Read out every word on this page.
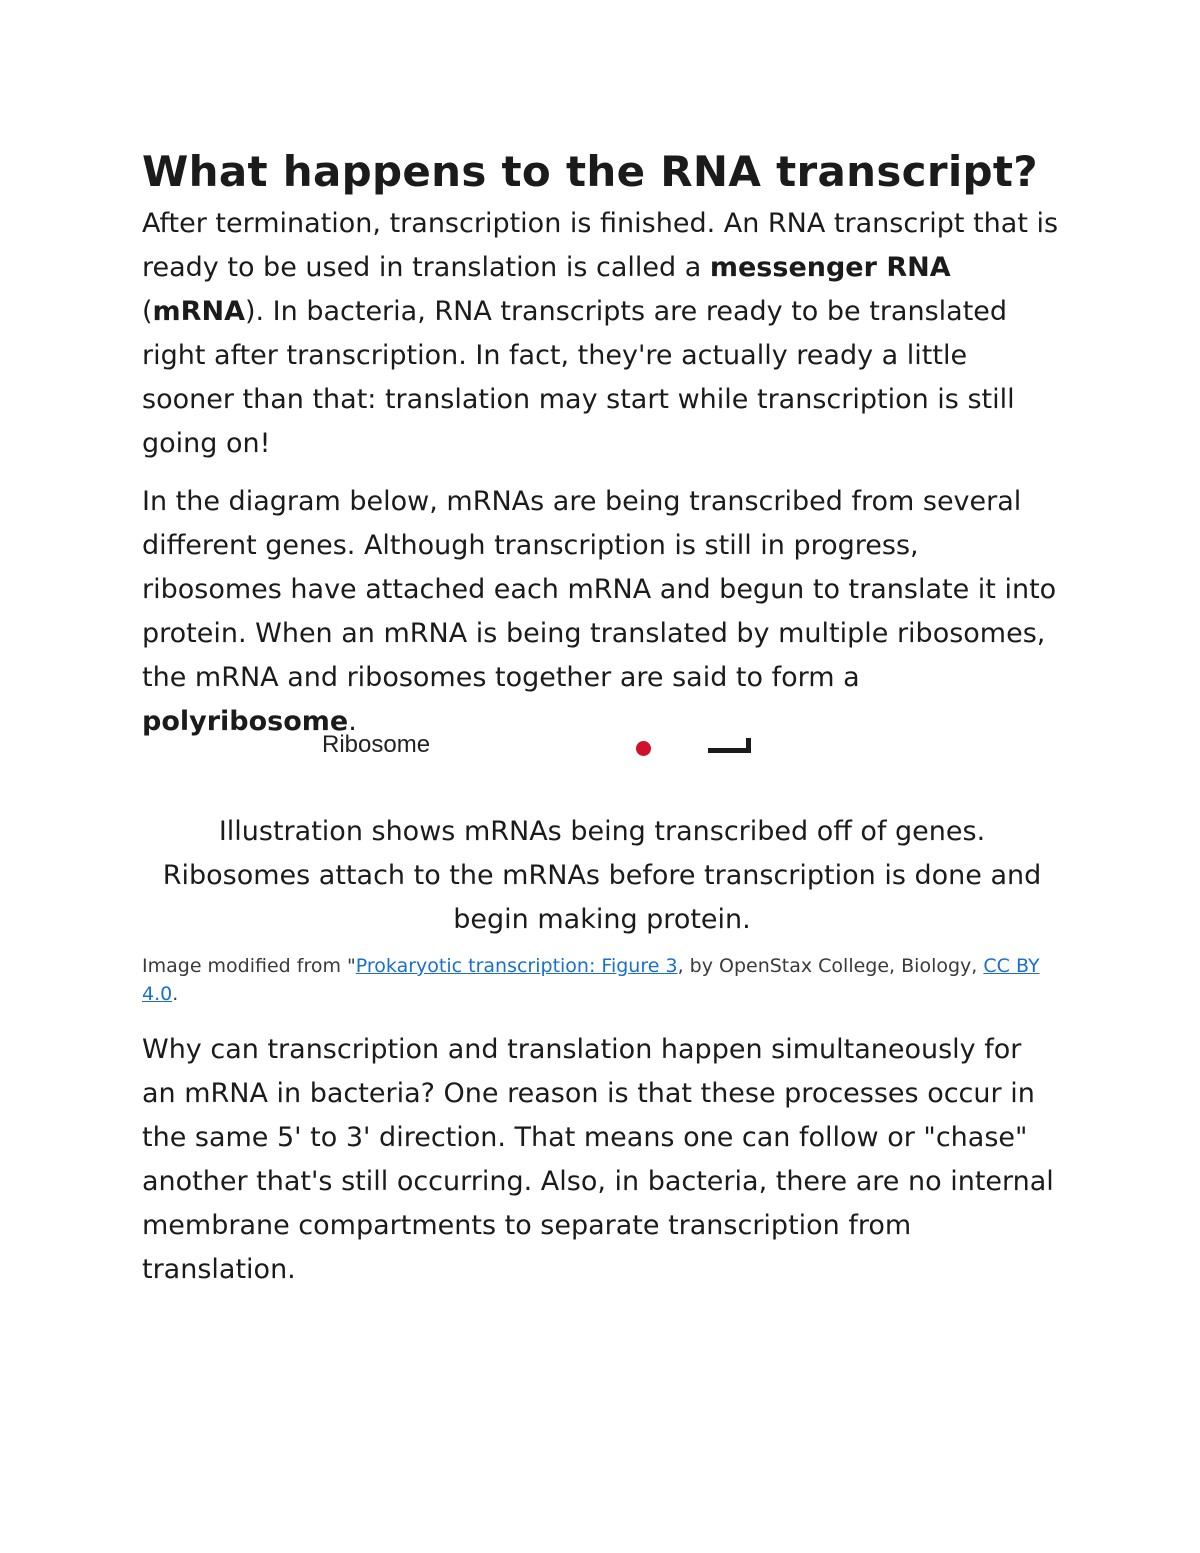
What happens to the RNA transcript?

After termination, transcription is finished. An RNA transcript that is ready to be used in translation is called a messenger RNA (mRNA). In bacteria, RNA transcripts are ready to be translated right after transcription. In fact, they're actually ready a little sooner than that: translation may start while transcription is still going on!

In the diagram below, mRNAs are being transcribed from several different genes. Although transcription is still in progress, ribosomes have attached each mRNA and begun to translate it into protein. When an mRNA is being translated by multiple ribosomes, the mRNA and ribosomes together are said to form a polyribosome.

Ribosome

Illustration shows mRNAs being transcribed off of genes. Ribosomes attach to the mRNAs before transcription is done and begin making protein.

Image modified from "Prokaryotic transcription: Figure 3, by OpenStax College, Biology, CC BY 4.0.

Why can transcription and translation happen simultaneously for an mRNA in bacteria? One reason is that these processes occur in the same 5' to 3' direction. That means one can follow or "chase" another that's still occurring. Also, in bacteria, there are no internal membrane compartments to separate transcription from translation.
